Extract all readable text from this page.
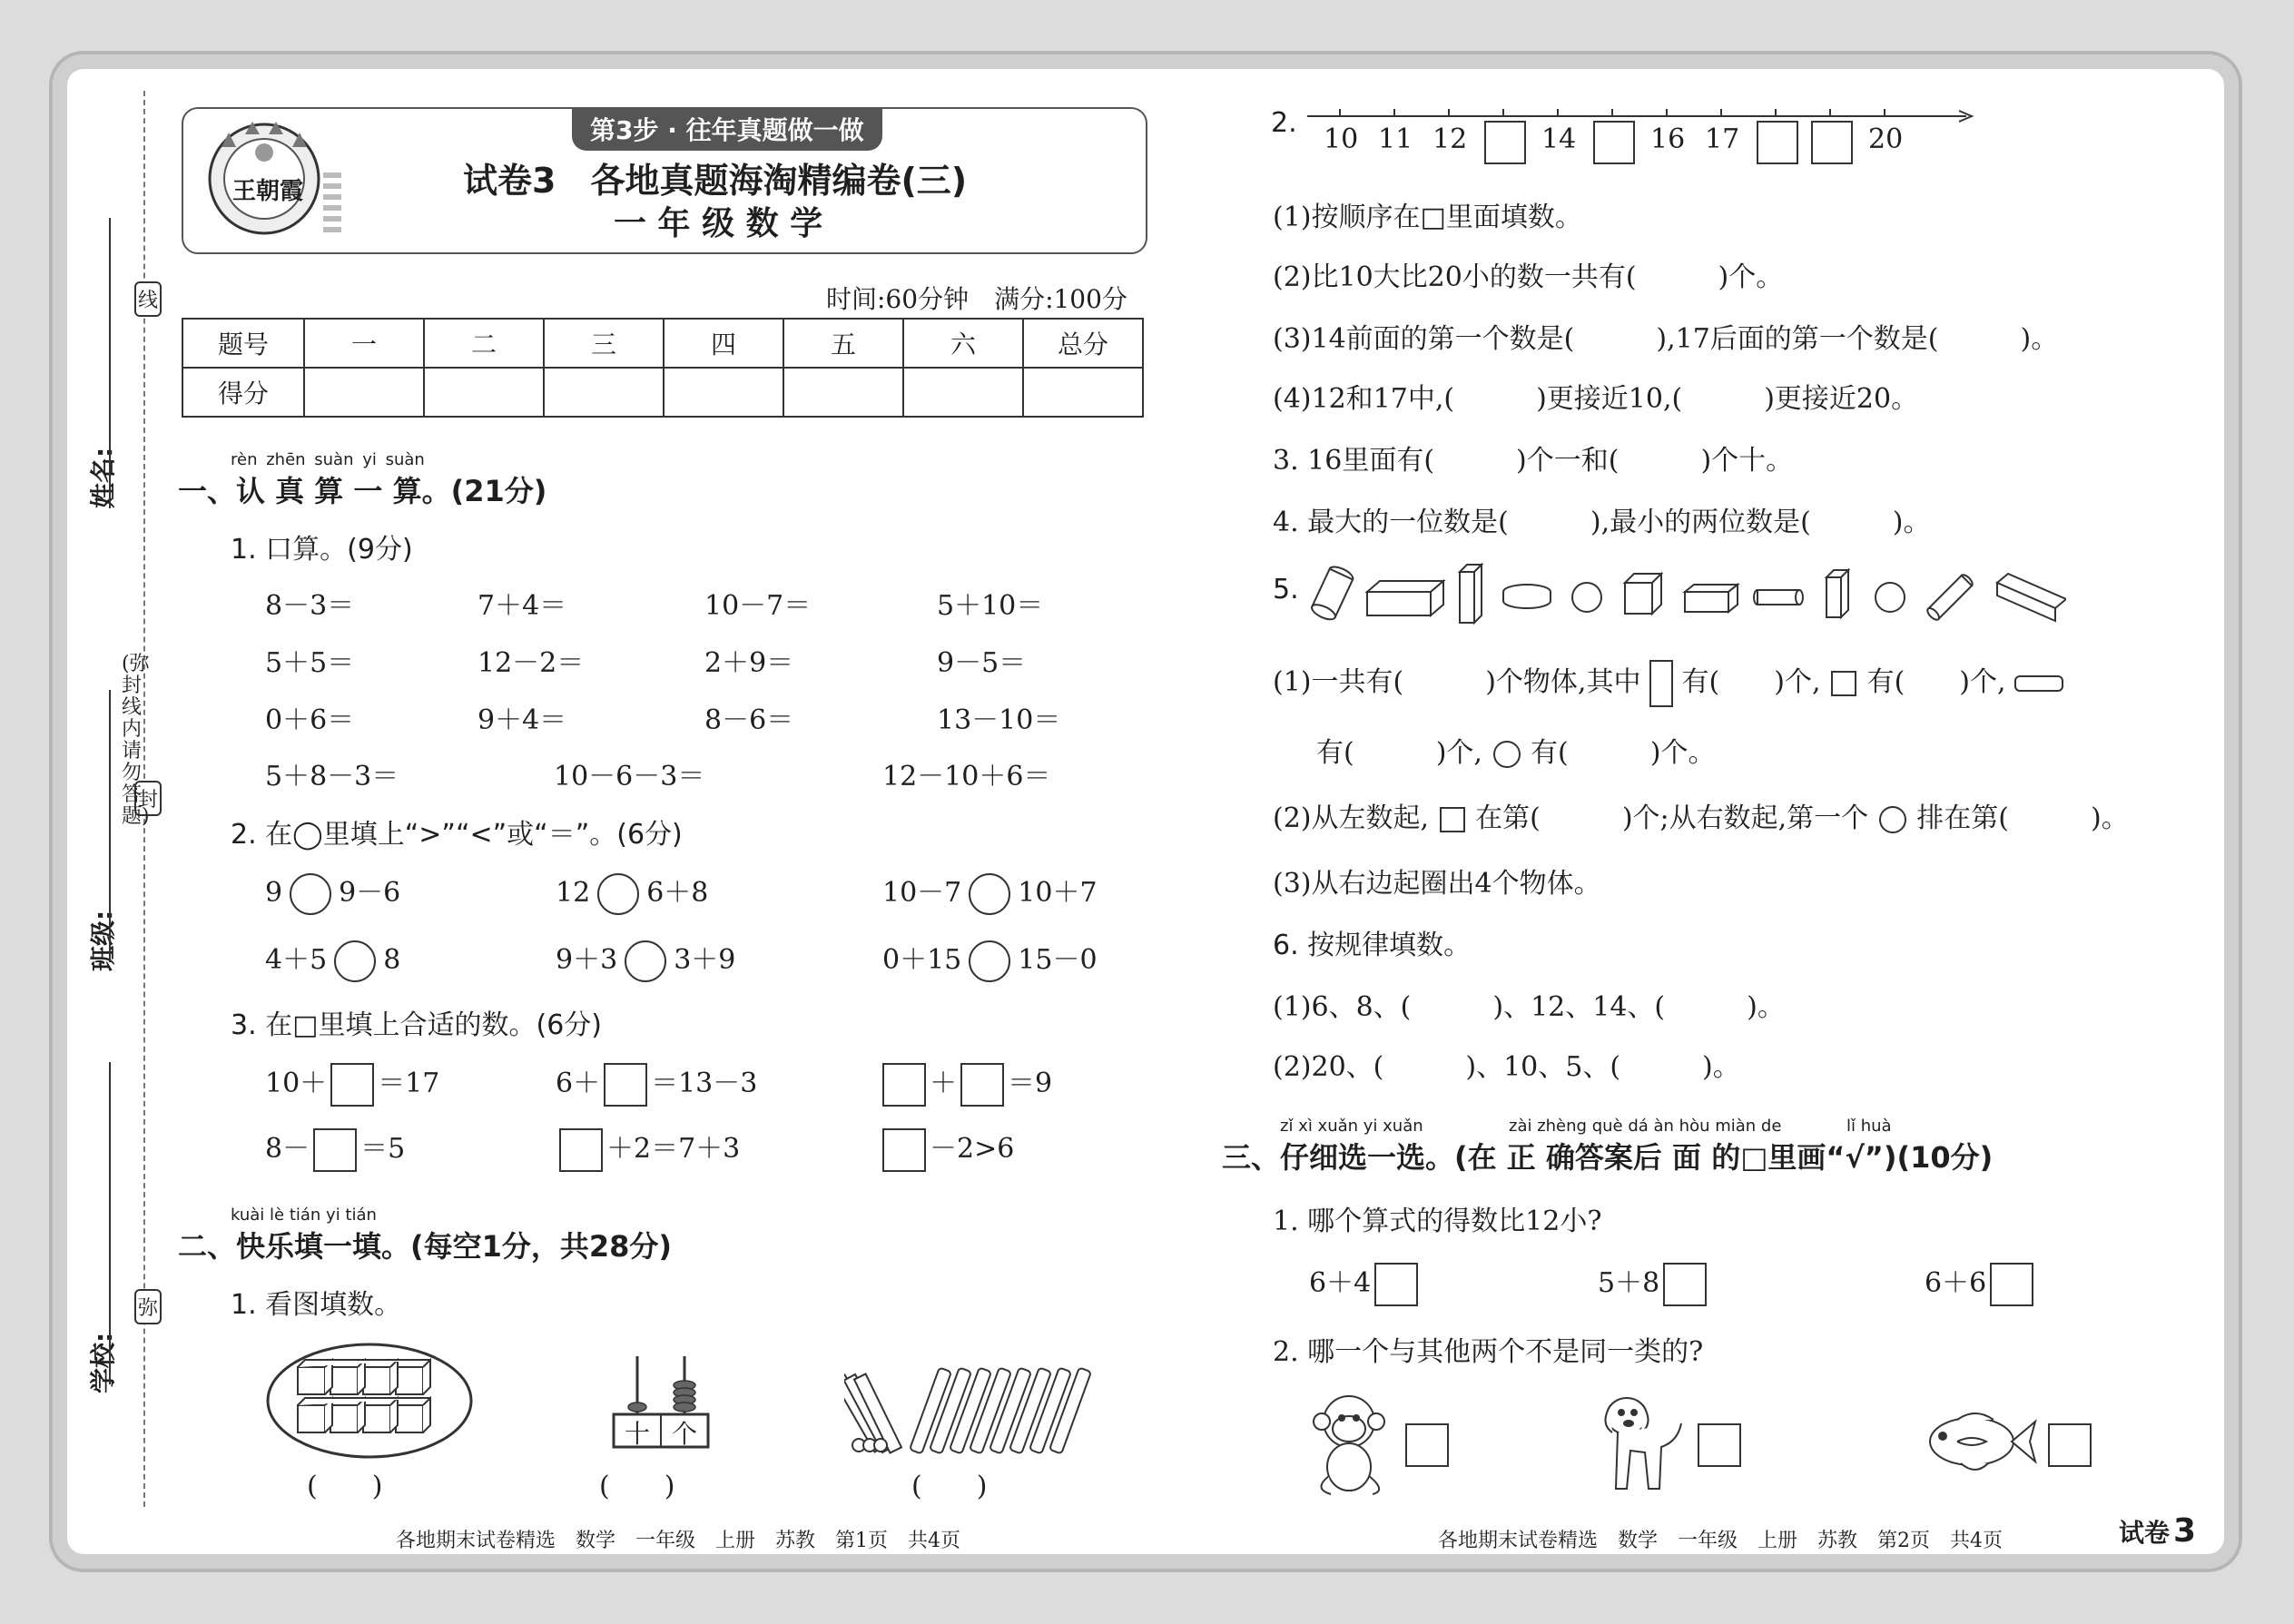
线
封
弥
(弥封线内请勿答题)
姓名:
班级:
学校:
王朝霞
第3步 · 往年真题做一做
试卷3　各地真题海淘精编卷(三)
一 年 级 数 学
时间:60分钟　满分:100分
题号	一	二	三	四	五	六	总分
得分							
rèn zhēn suàn yi suàn
一、认 真 算 一 算。(21分)
1. 口算。(9分)
8－3＝	7＋4＝	10－7＝	5＋10＝
5＋5＝	12－2＝	2＋9＝	9－5＝
0＋6＝	9＋4＝	8－6＝	13－10＝
5＋8－3＝	10－6－3＝	12－10＋6＝
2. 在◯里填上“>”“<”或“＝”。(6分)
9 9－6	12 6＋8	10－7 10＋7
4＋5 8	9＋3 3＋9	0＋15 15－0
3. 在□里填上合适的数。(6分)
10＋ ＝17	6＋ ＝13－3	＋ ＝9
8－ ＝5	＋2＝7＋3	－2>6
kuài lè tián yi tián
二、快乐填一填。(每空1分，共28分)
1. 看图填数。
(　　)
十 个
(　　)	(　　)
2.
10 11 12	14	16 17	20
(1)按顺序在□里面填数。
(2)比10大比20小的数一共有(　　　)个。
(3)14前面的第一个数是(　　　),17后面的第一个数是(　　　)。
(4)12和17中,(　　　)更接近10,(　　　)更接近20。
3. 16里面有(　　　)个一和(　　　)个十。
4. 最大的一位数是(　　　),最小的两位数是(　　　)。
5.
(1)一共有(　　　)个物体,其中 有(　　)个, 有(　　)个,
有(　　　)个, 有(　　　)个。
(2)从左数起, 在第(　　　)个;从右数起,第一个 排在第(　　　)。
(3)从右边起圈出4个物体。
6. 按规律填数。
(1)6、8、(　　　)、12、14、(　　　)。
(2)20、(　　　)、10、5、(　　　)。
zǐ xì xuǎn yi xuǎn	zài zhèng què dá àn hòu miàn de	lǐ huà
三、仔细选一选。(在 正 确答案后 面 的□里画“√”)(10分)
1. 哪个算式的得数比12小?
6＋4	5＋8	6＋6
2. 哪一个与其他两个不是同一类的?
各地期末试卷精选　数学　一年级　上册　苏教　第1页　共4页	各地期末试卷精选　数学　一年级　上册　苏教　第2页　共4页	试卷 3
